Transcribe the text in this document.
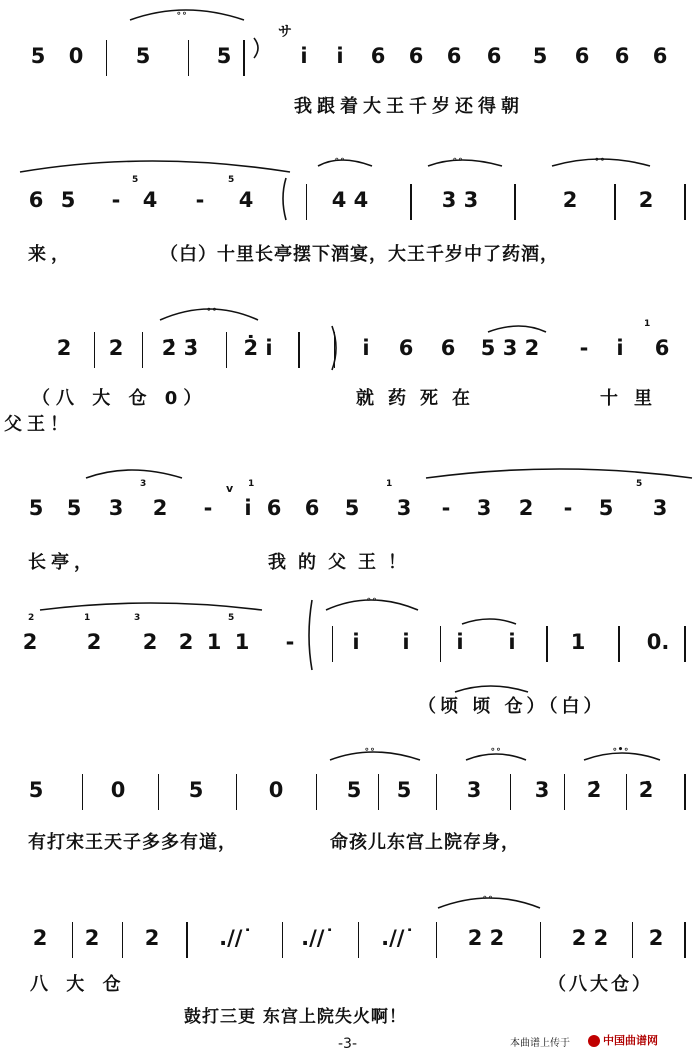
5 0 5	5	ⅰ ⅰ 6 6 6 6 5 6 6 6
我跟着大王千岁还得朝
6 5 - 4 - 4	4 4	3 3	2	2
来，	（白）十里长亭摆下酒宴，大王千岁中了药酒，
2 2 2̇ 3̇ 2̇ ⅰ	ⅰ 6 6 5 3 2 - ⅰ 6
（八 大 仓 0）	就药死在	十里
父王！
5 5 3 2 - ⅰ 6 6 5 3 - 3 2 - 5 3
长亭，	我的父王！
2 2 2 2 1 1 -	ⅰ ⅰ ⅰ ⅰ	1	0.
（顷 顷 仓）（白）
5	0	5	0	5 5	3	3 2̇ 2̇
有打宋王天子多多有道，	命孩儿东宫上院存身，
2 2 2	.//˙ .//˙ .//˙	2 2	2 2 2
八 大 仓	（八大仓）
鼓打三更 东宫上院失火啊！
-3-	本曲谱上传于	中国曲谱网
∘∘
∘∘	∘∘	∘∘
∘∘
∘∘
∘∘	∘∘	∘•∘
∘∘
5	5
3	1	1	5
2	1	3	5
1
サ
v
